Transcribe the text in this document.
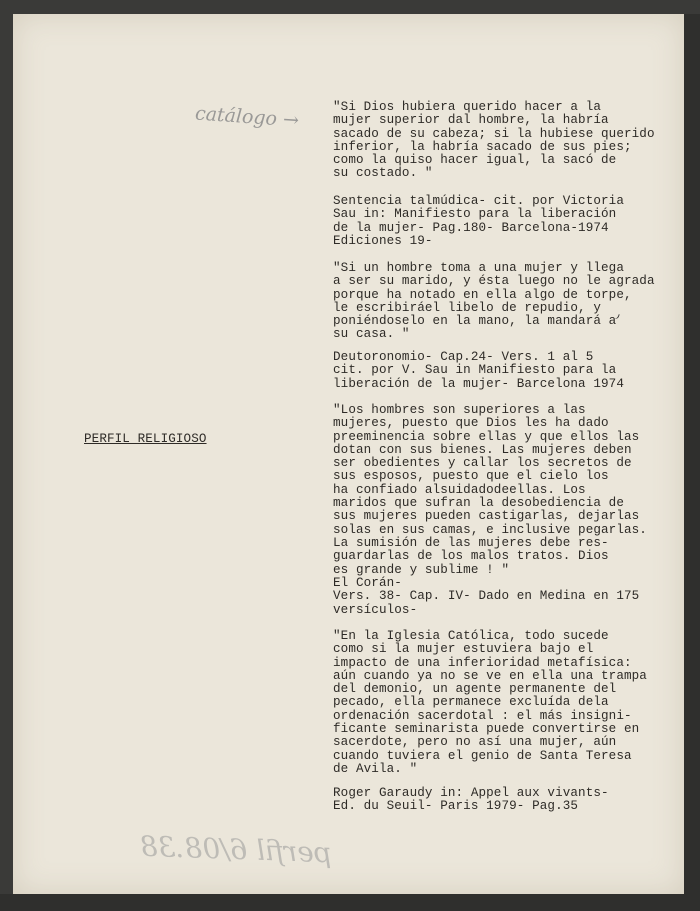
catálogo →	"Si Dios hubiera querido hacer a la
mujer superior dal hombre, la habría
sacado de su cabeza; si la hubiese querido
inferior, la habría sacado de sus pies;
como la quiso hacer igual, la sacó de
su costado. "
Sentencia talmúdica- cit. por Victoria
Sau in: Manifiesto para la liberación
de la mujer- Pag.180- Barcelona-1974
Ediciones 19-
"Si un hombre toma a una mujer y llega
a ser su marido, y ésta luego no le agrada
porque ha notado en ella algo de torpe,
le escribiráel libelo de repudio, y
poniéndoselo en la mano, la mandará a
su casa. "
Deutoronomio- Cap.24- Vers. 1 al 5
cit. por V. Sau in Manifiesto para la
liberación de la mujer- Barcelona 1974
PERFIL RELIGIOSO
"Los hombres son superiores a las
mujeres, puesto que Dios les ha dado
preeminencia sobre ellas y que ellos las
dotan con sus bienes. Las mujeres deben
ser obedientes y callar los secretos de
sus esposos, puesto que el cielo los
ha confiado alsuidadodeellas. Los
maridos que sufran la desobediencia de
sus mujeres pueden castigarlas, dejarlas
solas en sus camas, e inclusive pegarlas.
La sumisión de las mujeres debe res-
guardarlas de los malos tratos. Dios
es grande y sublime ! "
El Corán-
Vers. 38- Cap. IV- Dado en Medina en 175
versículos-
"En la Iglesia Católica, todo sucede
como si la mujer estuviera bajo el
impacto de una inferioridad metafísica:
aún cuando ya no se ve en ella una trampa
del demonio, un agente permanente del
pecado, ella permanece excluída dela
ordenación sacerdotal : el más insigni-
ficante seminarista puede convertirse en
sacerdote, pero no así una mujer, aún
cuando tuviera el genio de Santa Teresa
de Avila. "
Roger Garaudy in: Appel aux vivants-
Ed. du Seuil- Paris 1979- Pag.35
perfil 6/08.38
